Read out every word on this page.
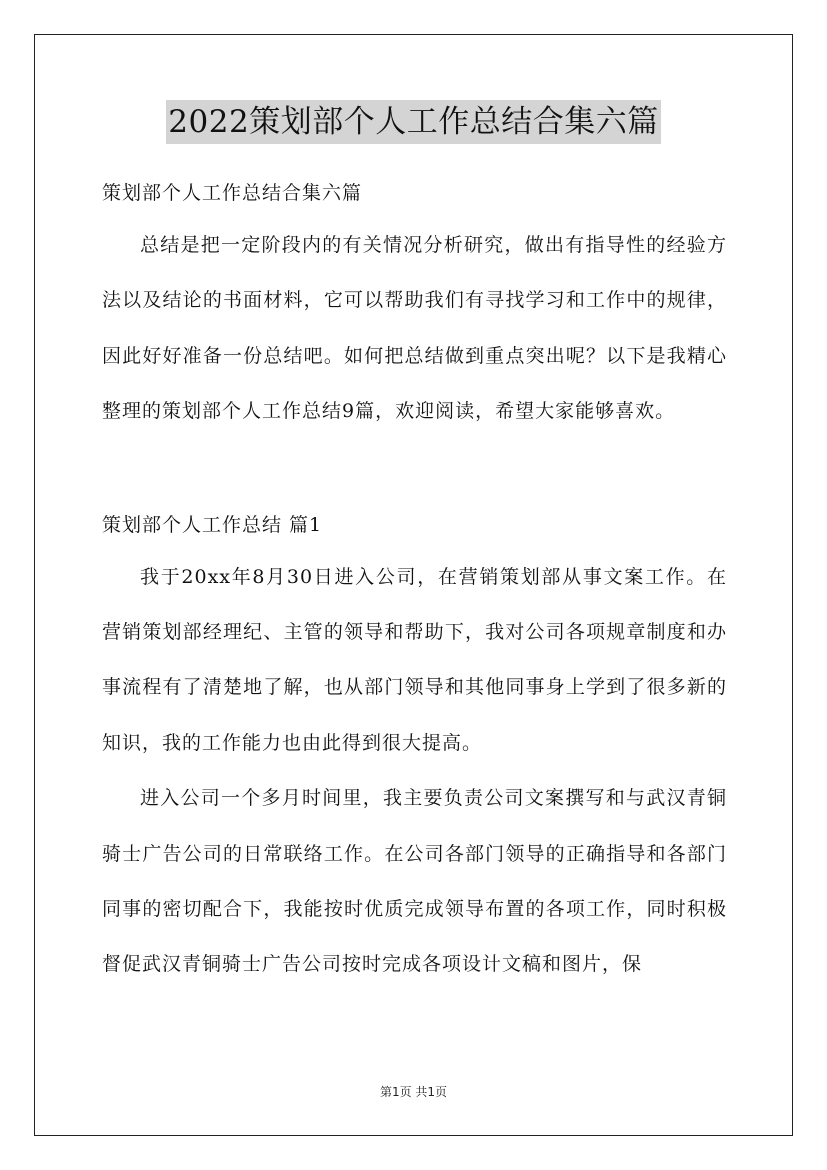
2022策划部个人工作总结合集六篇

策划部个人工作总结合集六篇

总结是把一定阶段内的有关情况分析研究，做出有指导性的经验方法以及结论的书面材料，它可以帮助我们有寻找学习和工作中的规律，因此好好准备一份总结吧。如何把总结做到重点突出呢？以下是我精心整理的策划部个人工作总结9篇，欢迎阅读，希望大家能够喜欢。

策划部个人工作总结 篇1

我于20xx年8月30日进入公司，在营销策划部从事文案工作。在营销策划部经理纪、主管的领导和帮助下，我对公司各项规章制度和办事流程有了清楚地了解，也从部门领导和其他同事身上学到了很多新的知识，我的工作能力也由此得到很大提高。

进入公司一个多月时间里，我主要负责公司文案撰写和与武汉青铜骑士广告公司的日常联络工作。在公司各部门领导的正确指导和各部门同事的密切配合下，我能按时优质完成领导布置的各项工作，同时积极督促武汉青铜骑士广告公司按时完成各项设计文稿和图片，保

第1页 共1页
